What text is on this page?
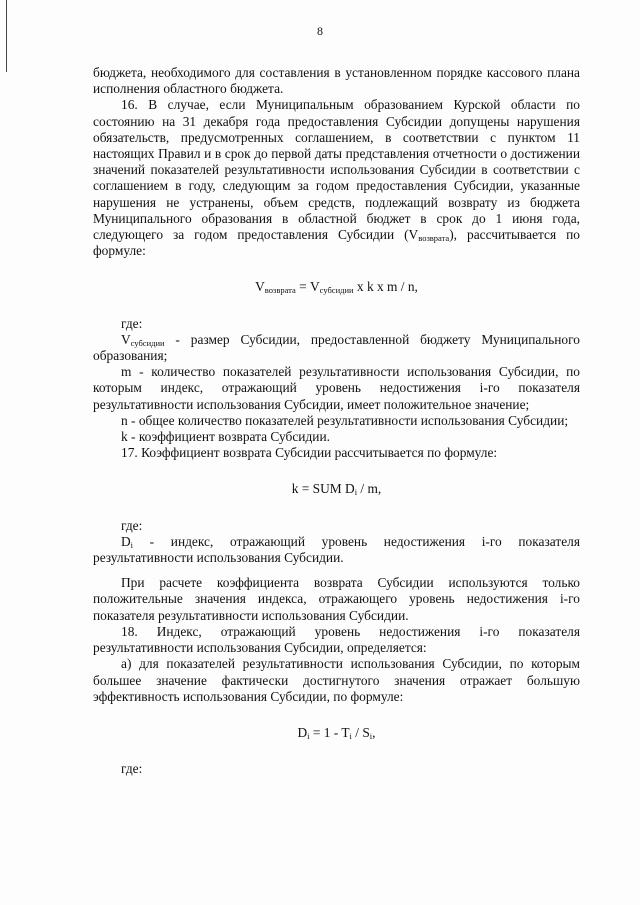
8

бюджета, необходимого для составления в установленном порядке кассового плана исполнения областного бюджета.

16. В случае, если Муниципальным образованием Курской области по состоянию на 31 декабря года предоставления Субсидии допущены нарушения обязательств, предусмотренных соглашением, в соответствии с пунктом 11 настоящих Правил и в срок до первой даты представления отчетности о достижении значений показателей результативности использования Субсидии в соответствии с соглашением в году, следующим за годом предоставления Субсидии, указанные нарушения не устранены, объем средств, подлежащий возврату из бюджета Муниципального образования в областной бюджет в срок до 1 июня года, следующего за годом предоставления Субсидии $(V_{возврата})$, рассчитывается по формуле:

$V_{возврата} = V_{субсидии}$ x k x m / n,

где:

$V_{субсидии}$ - размер Субсидии, предоставленной бюджету Муниципального образования;

m - количество показателей результативности использования Субсидии, по которым индекс, отражающий уровень недостижения i-го показателя результативности использования Субсидии, имеет положительное значение;

n - общее количество показателей результативности использования Субсидии;

k - коэффициент возврата Субсидии.

17. Коэффициент возврата Субсидии рассчитывается по формуле:

k = SUM $D_i$ / m,

где:

$D_i$ - индекс, отражающий уровень недостижения i-го показателя результативности использования Субсидии.

При расчете коэффициента возврата Субсидии используются только положительные значения индекса, отражающего уровень недостижения i-го показателя результативности использования Субсидии.

18. Индекс, отражающий уровень недостижения i-го показателя результативности использования Субсидии, определяется:

а) для показателей результативности использования Субсидии, по которым большее значение фактически достигнутого значения отражает большую эффективность использования Субсидии, по формуле:

$D_i = 1 - T_i / S_i$,

где:
